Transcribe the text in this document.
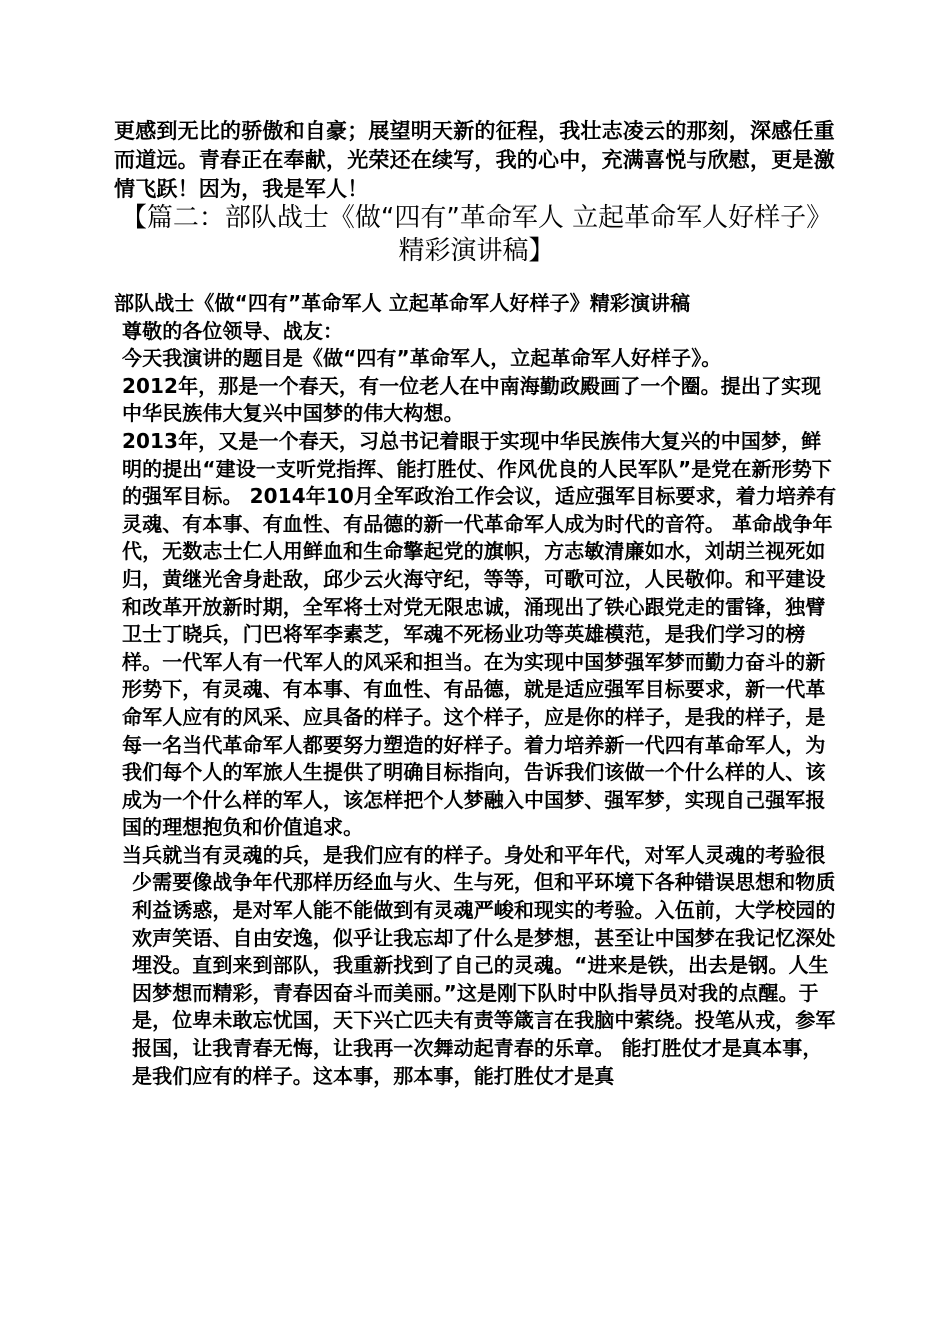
更感到无比的骄傲和自豪；展望明天新的征程，我壮志凌云的那刻，深感任重而道远。青春正在奉献，光荣还在续写，我的心中，充满喜悦与欣慰，更是激情飞跃！因为，我是军人！
【篇二：部队战士《做“四有”革命军人 立起革命军人好样子》精彩演讲稿】

部队战士《做“四有”革命军人 立起革命军人好样子》精彩演讲稿

尊敬的各位领导、战友：

今天我演讲的题目是《做“四有”革命军人，立起革命军人好样子》。

2012年，那是一个春天，有一位老人在中南海勤政殿画了一个圈。提出了实现中华民族伟大复兴中国梦的伟大构想。

2013年，又是一个春天，习总书记着眼于实现中华民族伟大复兴的中国梦，鲜明的提出“建设一支听党指挥、能打胜仗、作风优良的人民军队”是党在新形势下的强军目标。 2014年10月全军政治工作会议，适应强军目标要求，着力培养有灵魂、有本事、有血性、有品德的新一代革命军人成为时代的音符。 革命战争年代，无数志士仁人用鲜血和生命擎起党的旗帜，方志敏清廉如水，刘胡兰视死如归，黄继光舍身赴敌，邱少云火海守纪，等等，可歌可泣，人民敬仰。和平建设和改革开放新时期，全军将士对党无限忠诚，涌现出了铁心跟党走的雷锋，独臂卫士丁晓兵，门巴将军李素芝，军魂不死杨业功等英雄模范，是我们学习的榜样。一代军人有一代军人的风采和担当。在为实现中国梦强军梦而勤力奋斗的新形势下，有灵魂、有本事、有血性、有品德，就是适应强军目标要求，新一代革命军人应有的风采、应具备的样子。这个样子，应是你的样子，是我的样子，是每一名当代革命军人都要努力塑造的好样子。着力培养新一代四有革命军人，为我们每个人的军旅人生提供了明确目标指向，告诉我们该做一个什么样的人、该成为一个什么样的军人，该怎样把个人梦融入中国梦、强军梦，实现自己强军报国的理想抱负和价值追求。

当兵就当有灵魂的兵，是我们应有的样子。身处和平年代，对军人灵魂的考验很

少需要像战争年代那样历经血与火、生与死，但和平环境下各种错误思想和物质利益诱惑，是对军人能不能做到有灵魂严峻和现实的考验。入伍前，大学校园的欢声笑语、自由安逸，似乎让我忘却了什么是梦想，甚至让中国梦在我记忆深处埋没。直到来到部队，我重新找到了自己的灵魂。“进来是铁，出去是钢。人生因梦想而精彩，青春因奋斗而美丽。”这是刚下队时中队指导员对我的点醒。于是，位卑未敢忘忧国，天下兴亡匹夫有责等箴言在我脑中萦绕。投笔从戎，参军报国，让我青春无悔，让我再一次舞动起青春的乐章。 能打胜仗才是真本事，是我们应有的样子。这本事，那本事，能打胜仗才是真
